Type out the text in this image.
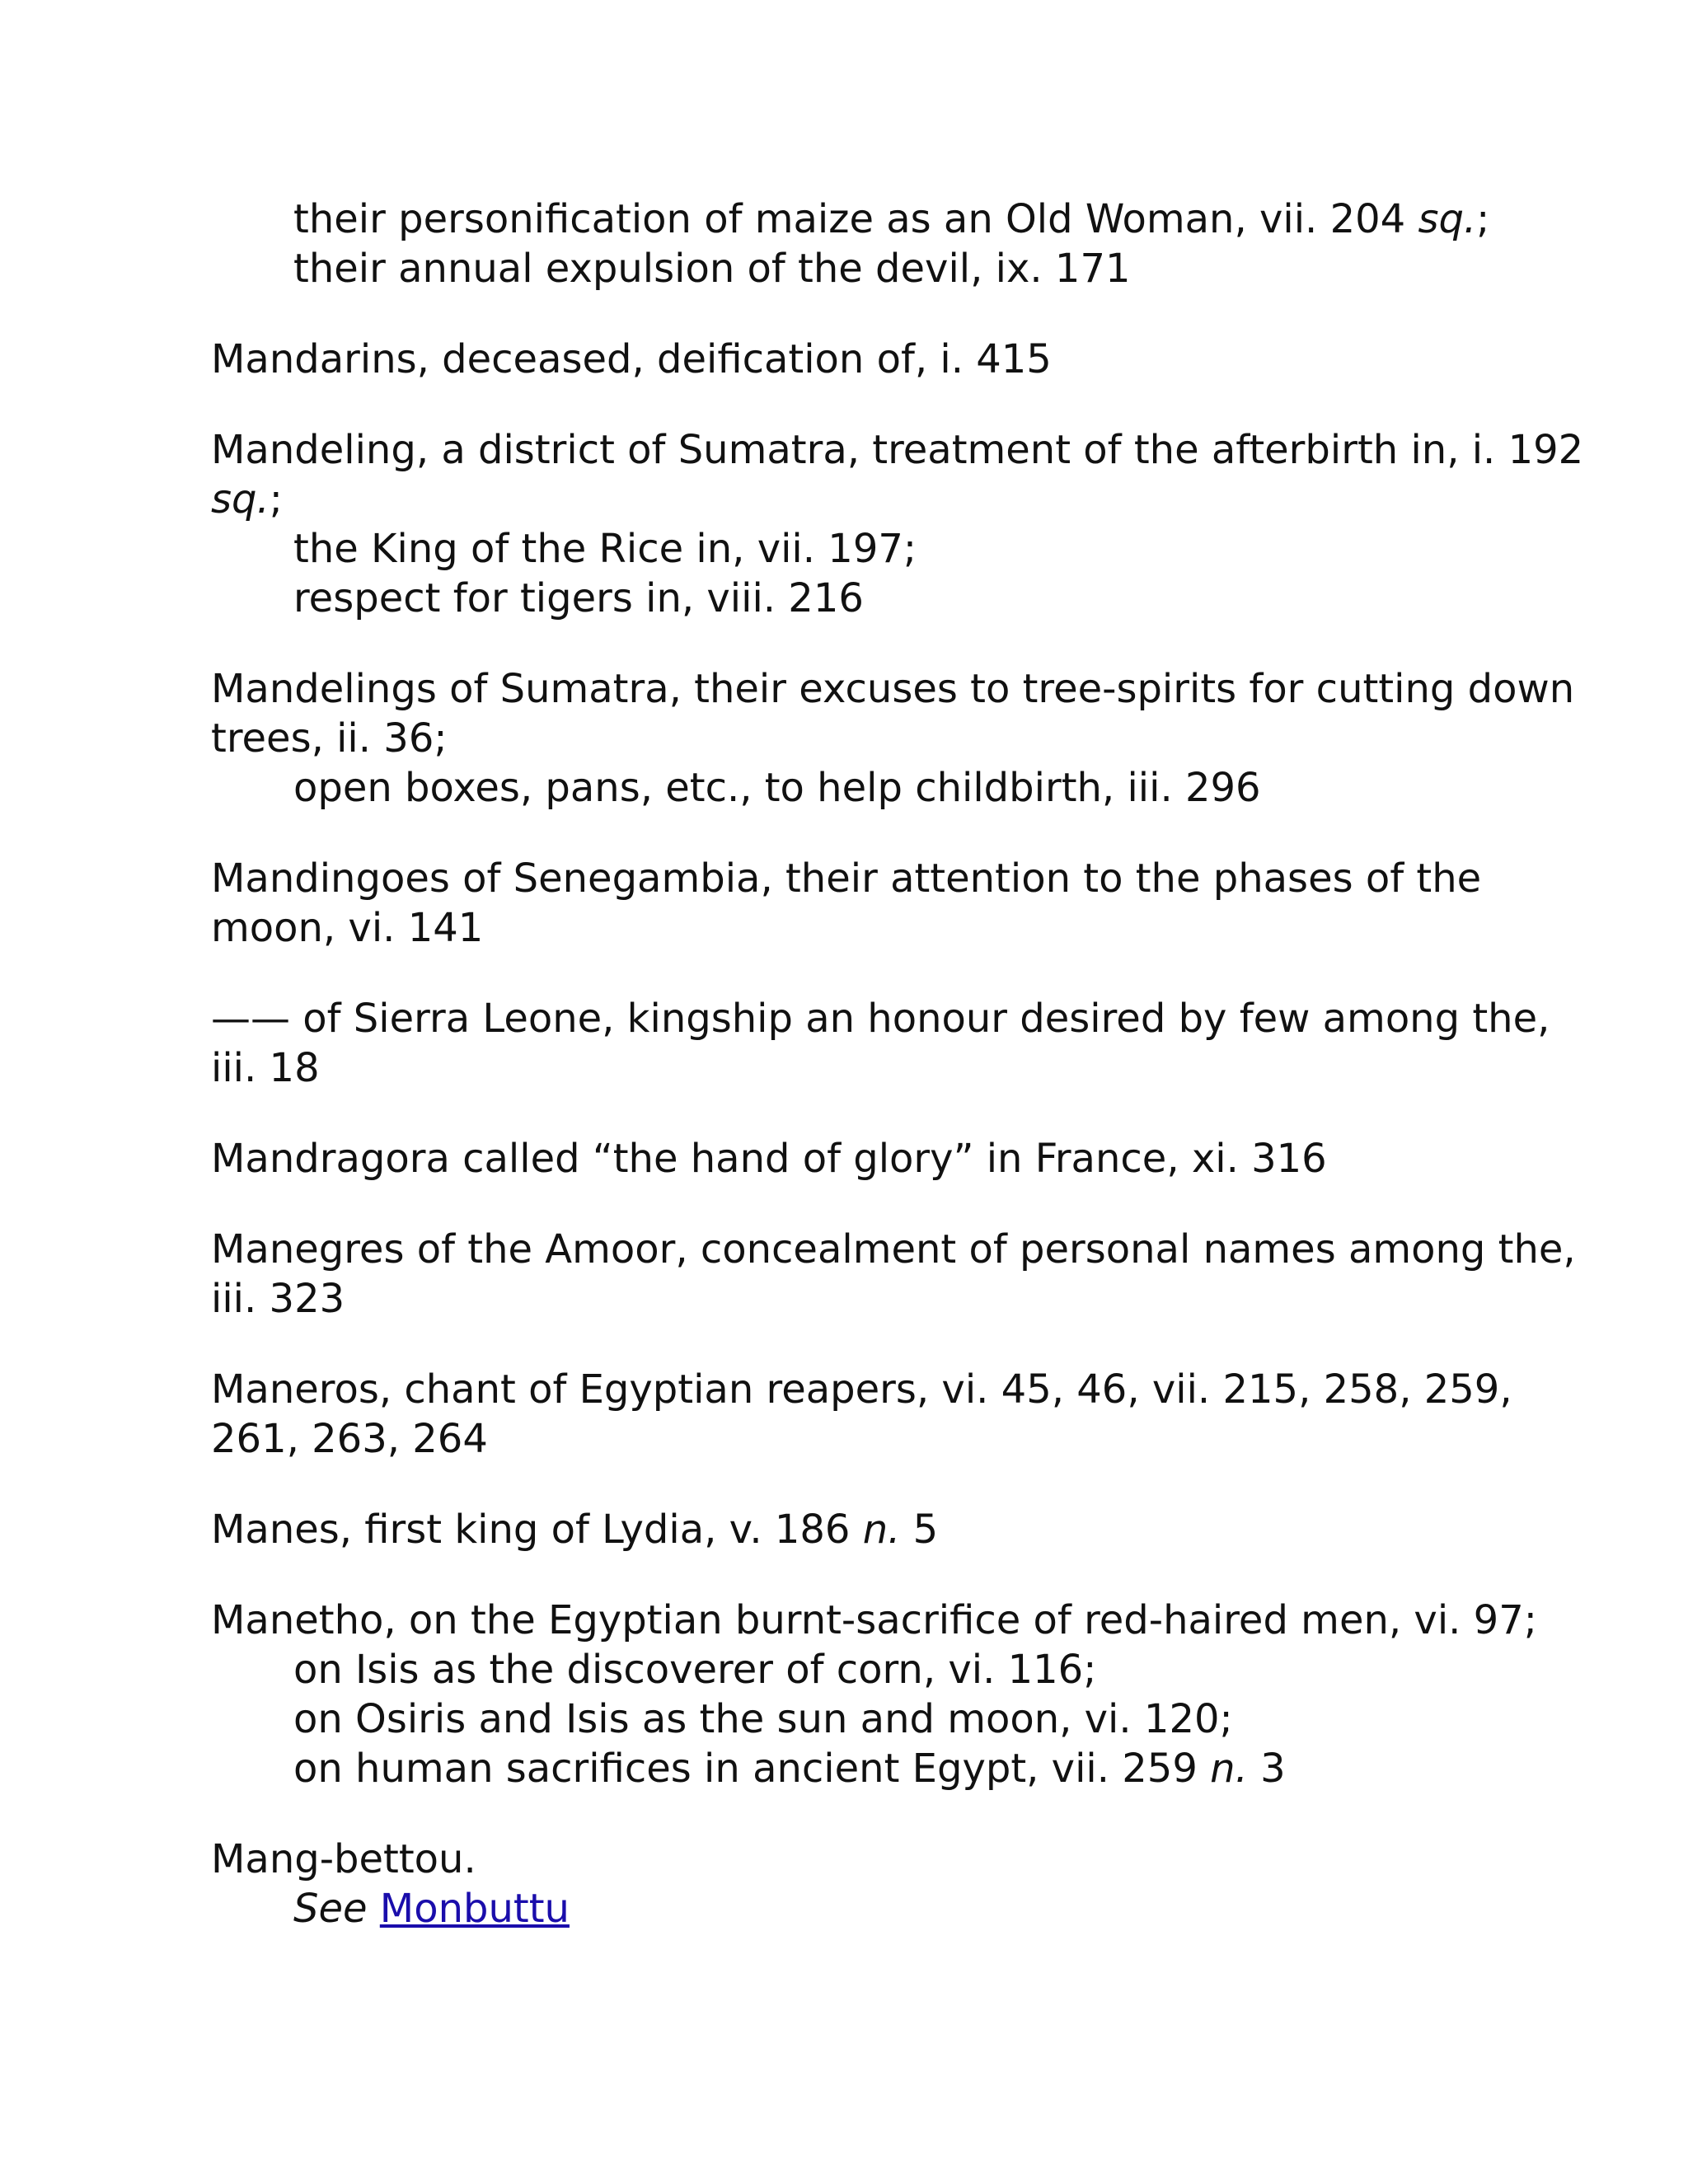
their personification of maize as an Old Woman, vii. 204 sq.;
their annual expulsion of the devil, ix. 171
Mandarins, deceased, deification of, i. 415
Mandeling, a district of Sumatra, treatment of the afterbirth in, i. 192
sq.;
the King of the Rice in, vii. 197;
respect for tigers in, viii. 216
Mandelings of Sumatra, their excuses to tree-spirits for cutting down
trees, ii. 36;
open boxes, pans, etc., to help childbirth, iii. 296
Mandingoes of Senegambia, their attention to the phases of the
moon, vi. 141
—— of Sierra Leone, kingship an honour desired by few among the,
iii. 18
Mandragora called “the hand of glory” in France, xi. 316
Manegres of the Amoor, concealment of personal names among the,
iii. 323
Maneros, chant of Egyptian reapers, vi. 45, 46, vii. 215, 258, 259,
261, 263, 264
Manes, first king of Lydia, v. 186 n. 5
Manetho, on the Egyptian burnt-sacrifice of red-haired men, vi. 97;
on Isis as the discoverer of corn, vi. 116;
on Osiris and Isis as the sun and moon, vi. 120;
on human sacrifices in ancient Egypt, vii. 259 n. 3
Mang-bettou.
See Monbuttu
